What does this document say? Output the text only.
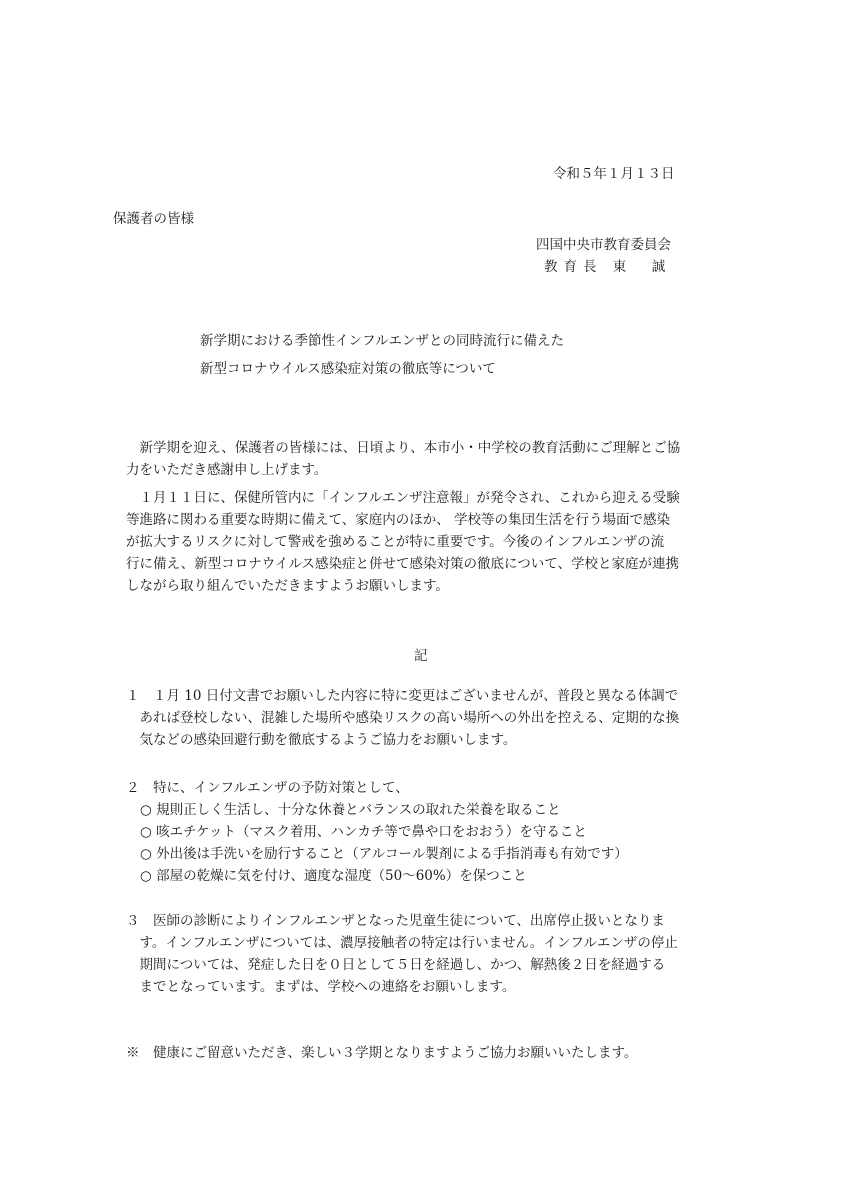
令和５年１月１３日
保護者の皆様
四国中央市教育委員会
教育長 東　誠
新学期における季節性インフルエンザとの同時流行に備えた
新型コロナウイルス感染症対策の徹底等について
　新学期を迎え、保護者の皆様には、日頃より、本市小・中学校の教育活動にご理解とご協
力をいただき感謝申し上げます。
　１月１１日に、保健所管内に「インフルエンザ注意報」が発令され、これから迎える受験
等進路に関わる重要な時期に備えて、家庭内のほか、 学校等の集団生活を行う場面で感染
が拡大するリスクに対して警戒を強めることが特に重要です。今後のインフルエンザの流
行に備え、新型コロナウイルス感染症と併せて感染対策の徹底について、学校と家庭が連携
しながら取り組んでいただきますようお願いします。
記
１　１月 10 日付文書でお願いした内容に特に変更はございませんが、普段と異なる体調で
　あれば登校しない、混雑した場所や感染リスクの高い場所への外出を控える、定期的な換
　気などの感染回避行動を徹底するようご協力をお願いします。
２　特に、インフルエンザの予防対策として、
○ 規則正しく生活し、十分な休養とバランスの取れた栄養を取ること
○ 咳エチケット（マスク着用、ハンカチ等で鼻や口をおおう）を守ること
○ 外出後は手洗いを励行すること（アルコール製剤による手指消毒も有効です）
○ 部屋の乾燥に気を付け、適度な湿度（50～60%）を保つこと
３　医師の診断によりインフルエンザとなった児童生徒について、出席停止扱いとなりま
　す。インフルエンザについては、濃厚接触者の特定は行いません。インフルエンザの停止
　期間については、発症した日を０日として５日を経過し、かつ、解熱後２日を経過する
　までとなっています。まずは、学校への連絡をお願いします。
※　健康にご留意いただき、楽しい３学期となりますようご協力お願いいたします。
